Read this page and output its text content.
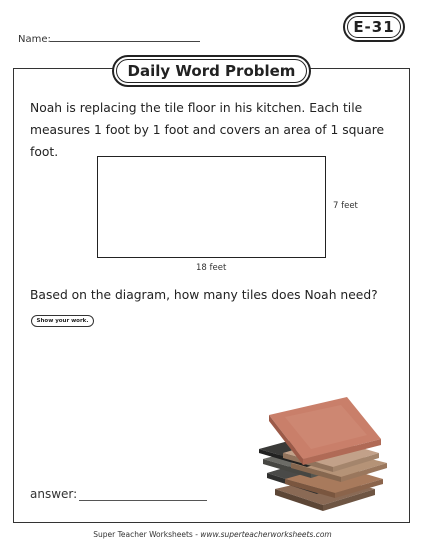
Name:
E-31
Daily Word Problem
Noah is replacing the tile floor in his kitchen. Each tile measures 1 foot by 1 foot and covers an area of 1 square foot.
7 feet
18 feet
Based on the diagram, how many tiles does Noah need?
Show your work.
answer:
Super Teacher Worksheets - www.superteacherworksheets.com
